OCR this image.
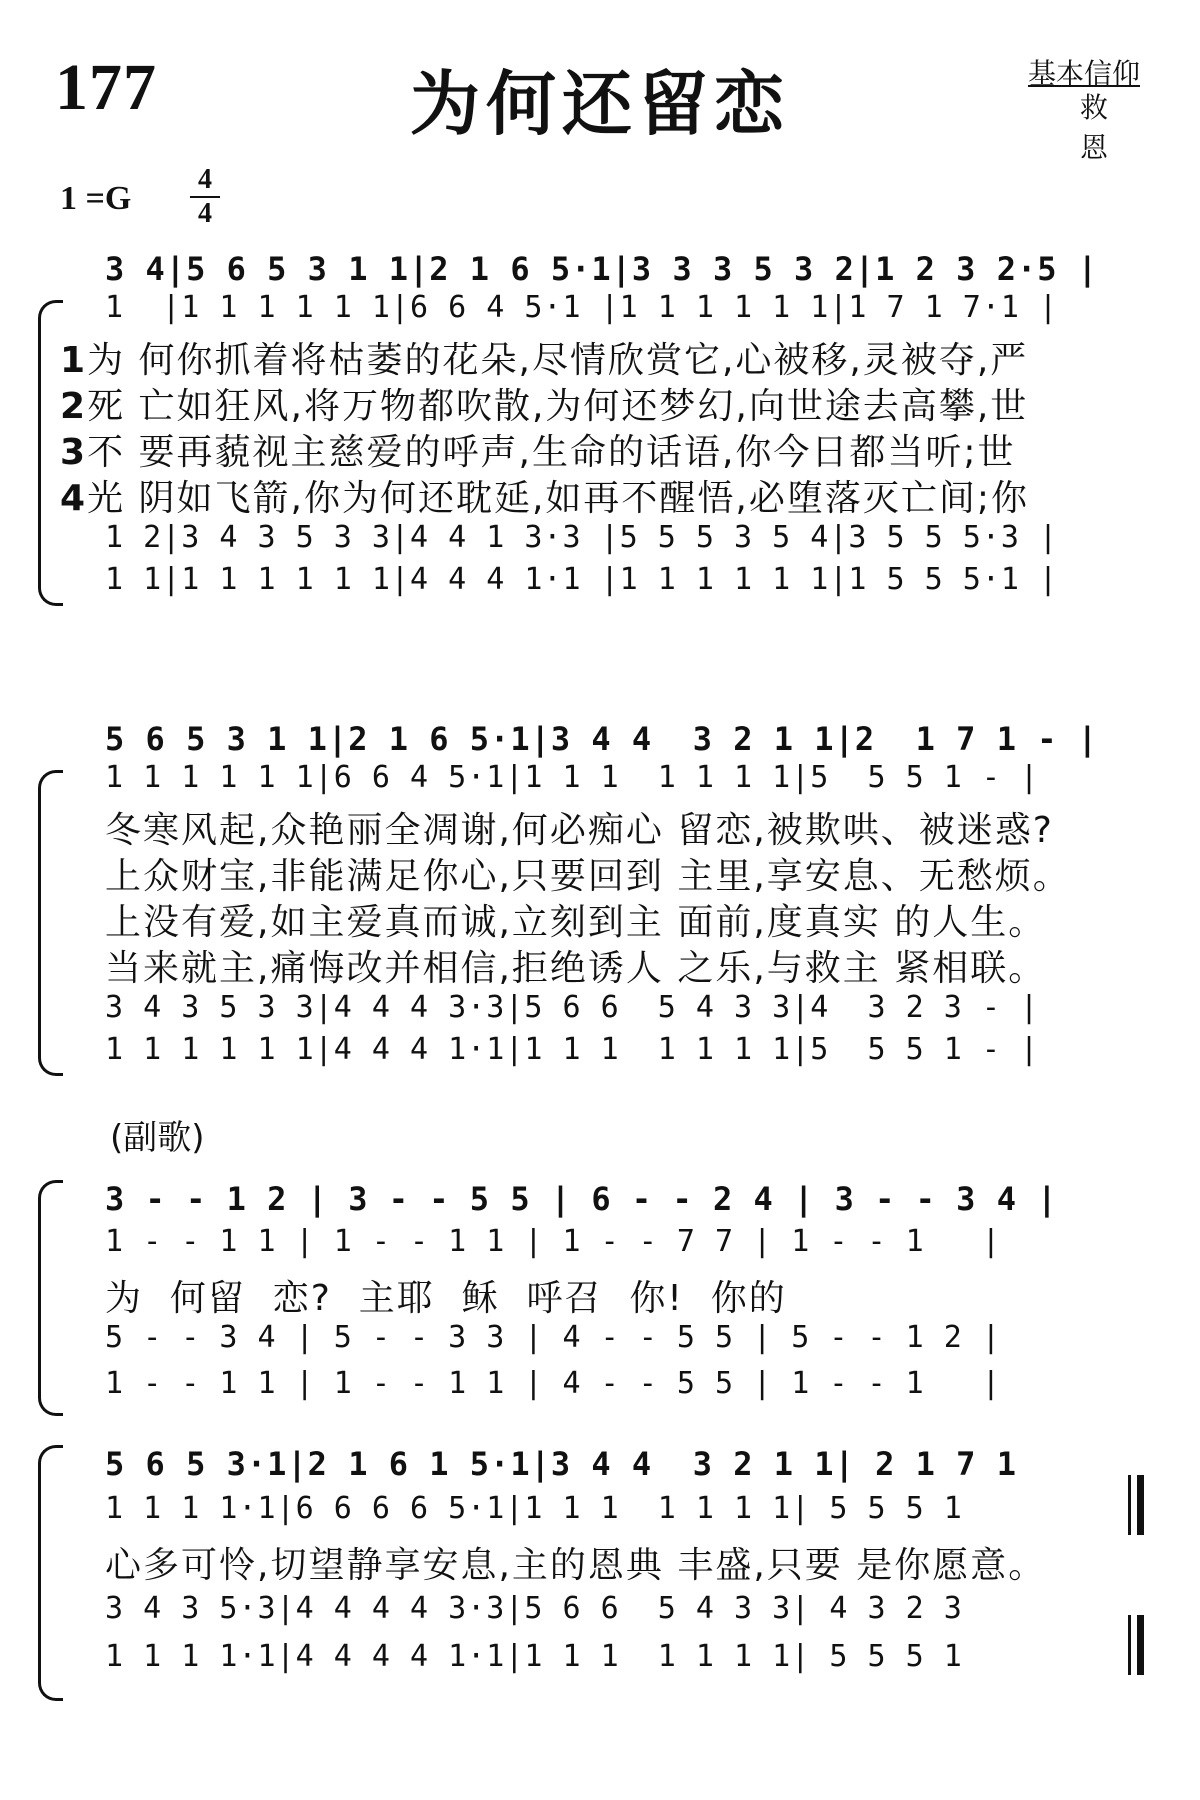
177	为何还留恋	基本信仰
救 恩
1 =G
4
4
3 4|5 6 5 3 1 1|2 1 6 5·1|3 3 3 5 3 2|1 2 3 2·5 |
1  |1 1 1 1 1 1|6 6 4 5·1 |1 1 1 1 1 1|1 7 1 7·1 |
1为 何你抓着将枯萎的花朵,尽情欣赏它,心被移,灵被夺,严
2死 亡如狂风,将万物都吹散,为何还梦幻,向世途去高攀,世
3不 要再藐视主慈爱的呼声,生命的话语,你今日都当听;世
4光 阴如飞箭,你为何还耽延,如再不醒悟,必堕落灭亡间;你
1 2|3 4 3 5 3 3|4 4 1 3·3 |5 5 5 3 5 4|3 5 5 5·3 |
1 1|1 1 1 1 1 1|4 4 4 1·1 |1 1 1 1 1 1|1 5 5 5·1 |
5 6 5 3 1 1|2 1 6 5·1|3 4 4  3 2 1 1|2  1 7 1 - |
1 1 1 1 1 1|6 6 4 5·1|1 1 1  1 1 1 1|5  5 5 1 - |
冬寒风起,众艳丽全凋谢,何必痴心 留恋,被欺哄、被迷惑?
上众财宝,非能满足你心,只要回到 主里,享安息、无愁烦。
上没有爱,如主爱真而诚,立刻到主 面前,度真实 的人生。
当来就主,痛悔改并相信,拒绝诱人 之乐,与救主 紧相联。
3 4 3 5 3 3|4 4 4 3·3|5 6 6  5 4 3 3|4  3 2 3 - |
1 1 1 1 1 1|4 4 4 1·1|1 1 1  1 1 1 1|5  5 5 1 - |
(副歌)
3 - - 1 2 | 3 - - 5 5 | 6 - - 2 4 | 3 - - 3 4 |
1 - - 1 1 | 1 - - 1 1 | 1 - - 7 7 | 1 - - 1   |
为  何留  恋?  主耶  稣  呼召  你!  你的
5 - - 3 4 | 5 - - 3 3 | 4 - - 5 5 | 5 - - 1 2 |
1 - - 1 1 | 1 - - 1 1 | 4 - - 5 5 | 1 - - 1   |
5 6 5 3·1|2 1 6 1 5·1|3 4 4  3 2 1 1| 2 1 7 1
1 1 1 1·1|6 6 6 6 5·1|1 1 1  1 1 1 1| 5 5 5 1
心多可怜,切望静享安息,主的恩典 丰盛,只要 是你愿意。
3 4 3 5·3|4 4 4 4 3·3|5 6 6  5 4 3 3| 4 3 2 3
1 1 1 1·1|4 4 4 4 1·1|1 1 1  1 1 1 1| 5 5 5 1
